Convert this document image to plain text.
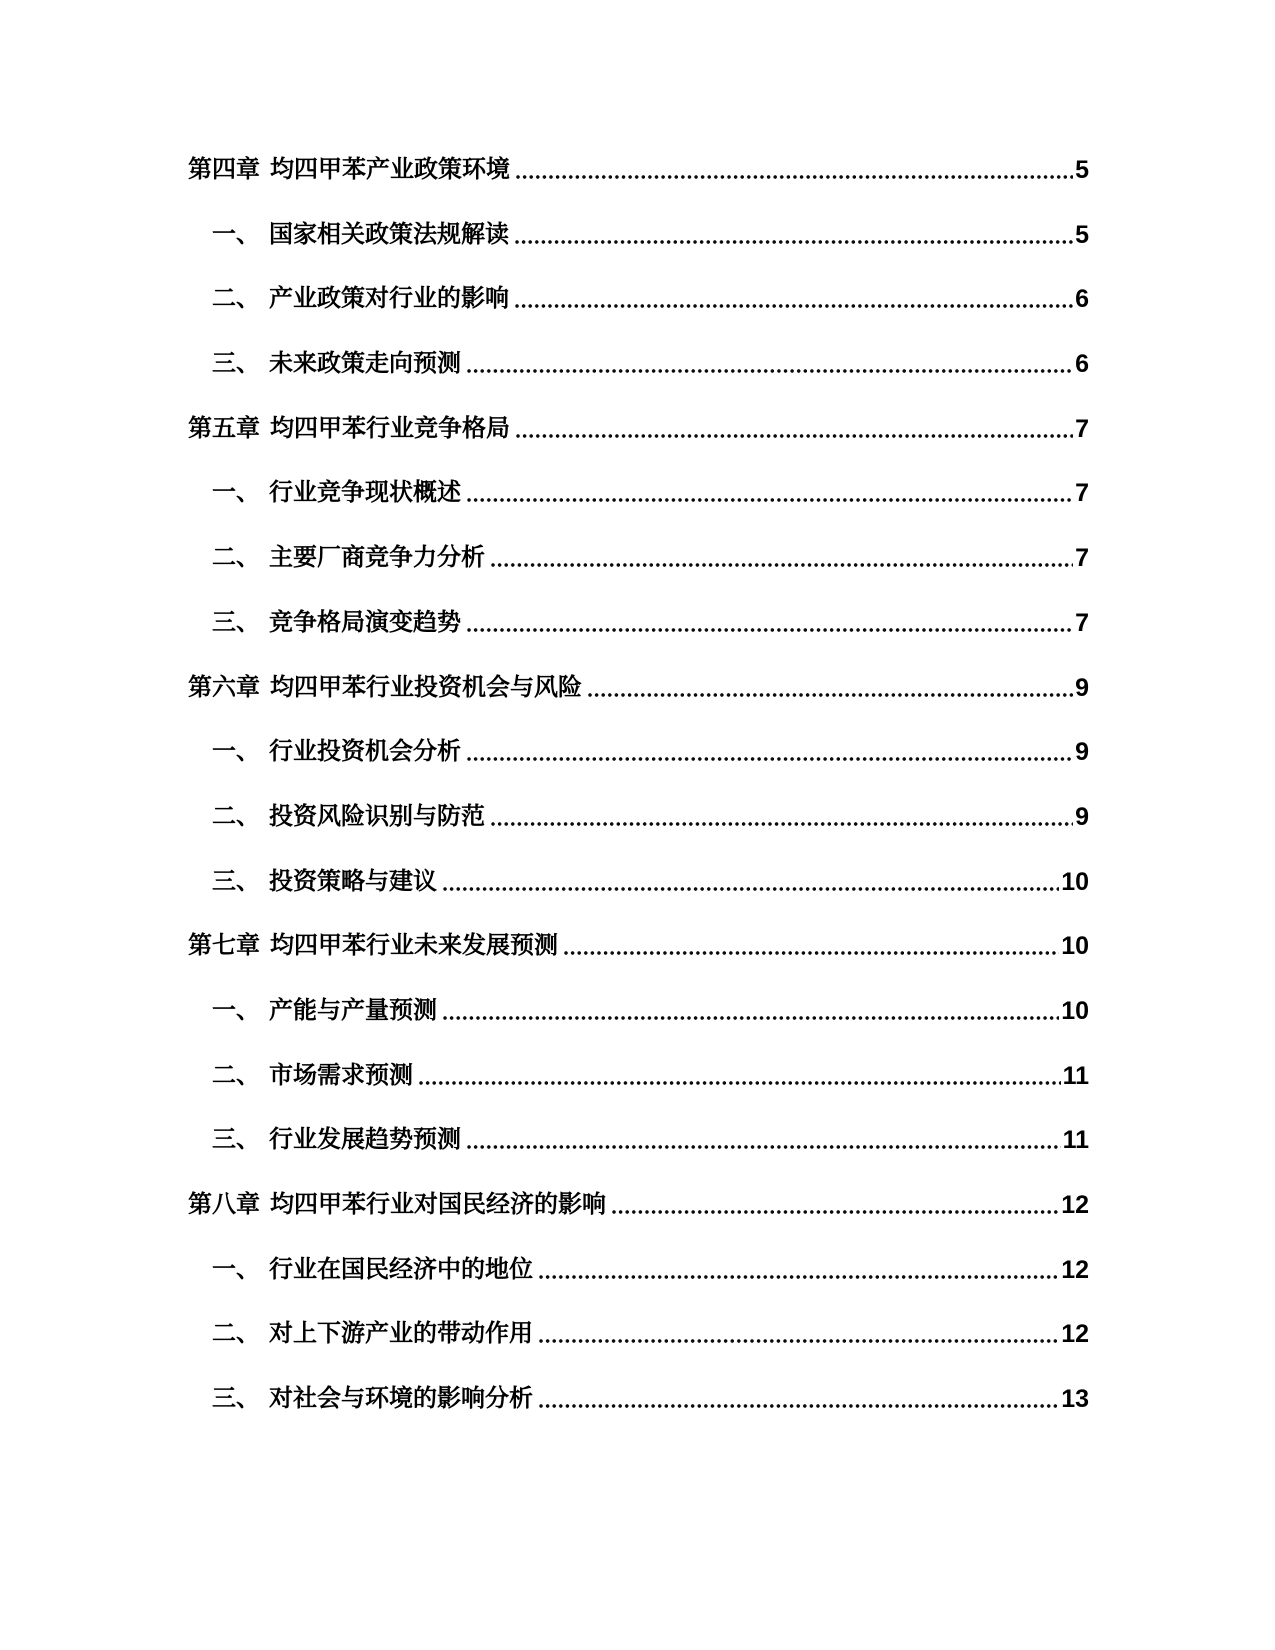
第四章 均四甲苯产业政策环境	5
一、 国家相关政策法规解读	5
二、 产业政策对行业的影响	6
三、 未来政策走向预测	6
第五章 均四甲苯行业竞争格局	7
一、 行业竞争现状概述	7
二、 主要厂商竞争力分析	7
三、 竞争格局演变趋势	7
第六章 均四甲苯行业投资机会与风险	9
一、 行业投资机会分析	9
二、 投资风险识别与防范	9
三、 投资策略与建议	10
第七章 均四甲苯行业未来发展预测	10
一、 产能与产量预测	10
二、 市场需求预测	11
三、 行业发展趋势预测	11
第八章 均四甲苯行业对国民经济的影响	12
一、 行业在国民经济中的地位	12
二、 对上下游产业的带动作用	12
三、 对社会与环境的影响分析	13
